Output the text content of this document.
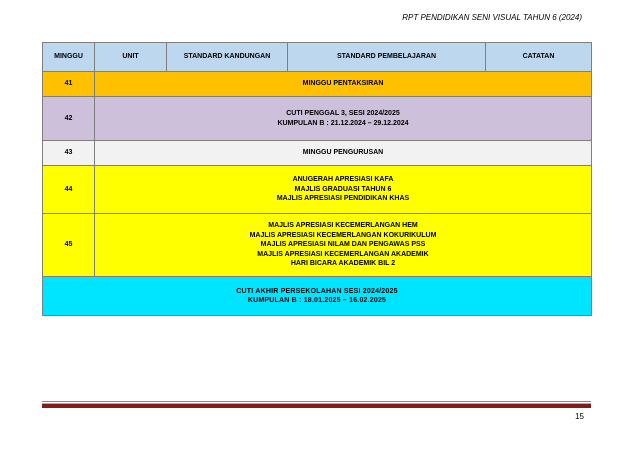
RPT PENDIDIKAN SENI VISUAL TAHUN 6 (2024)
MINGGU	UNIT	STANDARD KANDUNGAN	STANDARD PEMBELAJARAN	CATATAN
41	MINGGU PENTAKSIRAN			

42	CUTI PENGGAL 3, SESI 2024/2025
KUMPULAN B : 21.12.2024 – 29.12.2024			

43	MINGGU PENGURUSAN			

44	ANUGERAH APRESIASI KAFA
MAJLIS GRADUASI TAHUN 6
MAJLIS APRESIASI PENDIDIKAN KHAS			

45	MAJLIS APRESIASI KECEMERLANGAN HEM
MAJLIS APRESIASI KECEMERLANGAN KOKURIKULUM
MAJLIS APRESIASI NILAM DAN PENGAWAS PSS
MAJLIS APRESIASI KECEMERLANGAN AKADEMIK
HARI BICARA AKADEMIK BIL 2			

CUTI AKHIR PERSEKOLAHAN SESI 2024/2025
KUMPULAN B : 18.01.2025 – 16.02.2025				
15
